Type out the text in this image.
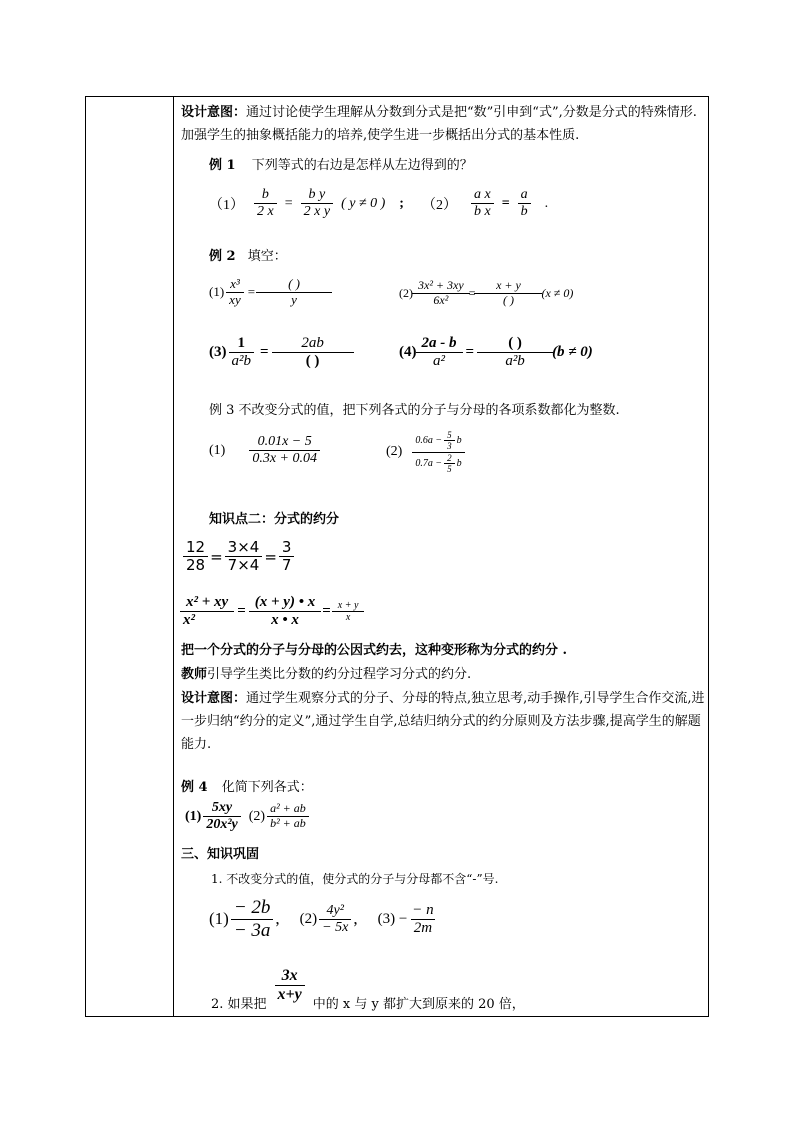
设计意图：通过讨论使学生理解从分数到分式是把“数”引申到“式”,分数是分式的特殊情形.加强学生的抽象概括能力的培养,使学生进一步概括出分式的基本性质.
例 1 下列等式的右边是怎样从左边得到的？
$(1) \frac{b}{2 x} = \frac{\text{b y}}{\text{2 x y}}$ ( y ≠ 0 ) ; $(2) \frac{\text{a x}}{\text{b x}} = \frac{a}{b}$ .
例 2 填空：
$(1) \frac{\text{x³}}{xy} = \frac{( )}{y}$	$(2) \frac{\text{3x² + 3xy}}{\text{6x²}} = \frac{x + y}{( )} (x \ne 0)$
$(3) \frac{1}{\text{a²b}} = \frac{2ab}{( )}$	$(4) \frac{2a - b}{\text{a²}} = \frac{( )}{\text{a²b}} (b \ne 0)$
例 3 不改变分式的值，把下列各式的分子与分母的各项系数都化为整数.
$(1) \frac{0.01x - 5}{0.3x + 0.04}$	$(2) \frac{0.6a - \frac{5}{3} b}{0.7a - \frac{2}{5} b}$
知识点二：分式的约分
$\frac{12}{28} = \frac{3\times 4}{7\times 4} = \frac{3}{7}$
$\frac{\text{x² + xy}}{\text{x²}} = \frac{(x + y) • x}{x • x} = \frac{x + y}{x}$
把一个分式的分子与分母的公因式约去，这种变形称为分式的约分 .
教师引导学生类比分数的约分过程学习分式的约分.
设计意图：通过学生观察分式的分子、分母的特点,独立思考,动手操作,引导学生合作交流,进一步归纳“约分的定义”,通过学生自学,总结归纳分式的约分原则及方法步骤,提高学生的解题能力.
例 4 化简下列各式：
$(1) \frac{5xy}{\text{20x²y}} (2) \frac{\text{a² + ab}}{\text{b² + ab}}$
三、知识巩固
1. 不改变分式的值，使分式的分子与分母都不含“-”号.
$(1) \frac{- 2b}{- 3a}$ , $(2) \frac{\text{4y²}}{- 5x}$ , $(3) - \frac{- n}{2m}$
2. 如果把
$\frac{3x}{x+y}$
中的 x 与 y 都扩大到原来的 20 倍，
